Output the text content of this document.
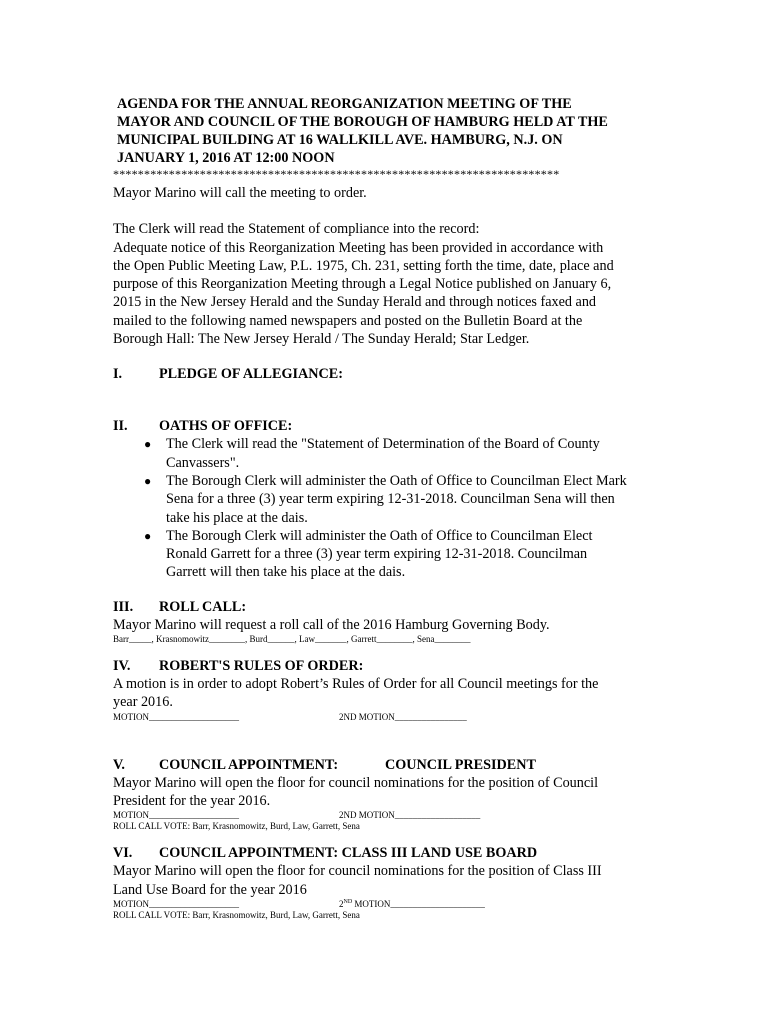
AGENDA FOR THE ANNUAL REORGANIZATION MEETING OF THE
MAYOR AND COUNCIL OF THE BOROUGH OF HAMBURG HELD AT THE
MUNICIPAL BUILDING AT 16 WALLKILL AVE. HAMBURG, N.J. ON
JANUARY 1, 2016 AT 12:00 NOON
************************************************************************
Mayor Marino will call the meeting to order.
The Clerk will read the Statement of compliance into the record:
Adequate notice of this Reorganization Meeting has been provided in accordance with
the Open Public Meeting Law, P.L. 1975, Ch. 231, setting forth the time, date, place and
purpose of this Reorganization Meeting through a Legal Notice published on January 6,
2015 in the New Jersey Herald and the Sunday Herald and through notices faxed and
mailed to the following named newspapers and posted on the Bulletin Board at the
Borough Hall: The New Jersey Herald / The Sunday Herald; Star Ledger.
I.	PLEDGE OF ALLEGIANCE:
II. OATHS OF OFFICE:
● The Clerk will read the "Statement of Determination of the Board of County
Canvassers".
● The Borough Clerk will administer the Oath of Office to Councilman Elect Mark
Sena for a three (3) year term expiring 12-31-2018. Councilman Sena will then
take his place at the dais.
● The Borough Clerk will administer the Oath of Office to Councilman Elect
Ronald Garrett for a three (3) year term expiring 12-31-2018. Councilman
Garrett will then take his place at the dais.
III. ROLL CALL:
Mayor Marino will request a roll call of the 2016 Hamburg Governing Body.
Barr_____, Krasnomowitz________, Burd______, Law_______, Garrett________, Sena________
IV. ROBERT'S RULES OF ORDER:
A motion is in order to adopt Robert’s Rules of Order for all Council meetings for the
year 2016.
MOTION____________________	2ND MOTION________________
V. COUNCIL APPOINTMENT:	COUNCIL PRESIDENT
Mayor Marino will open the floor for council nominations for the position of Council
President for the year 2016.
MOTION____________________	2ND MOTION___________________
ROLL CALL VOTE: Barr, Krasnomowitz, Burd, Law, Garrett, Sena
VI. COUNCIL APPOINTMENT: CLASS III LAND USE BOARD
Mayor Marino will open the floor for council nominations for the position of Class III
Land Use Board for the year 2016
MOTION____________________	2ND MOTION_____________________
ROLL CALL VOTE: Barr, Krasnomowitz, Burd, Law, Garrett, Sena
